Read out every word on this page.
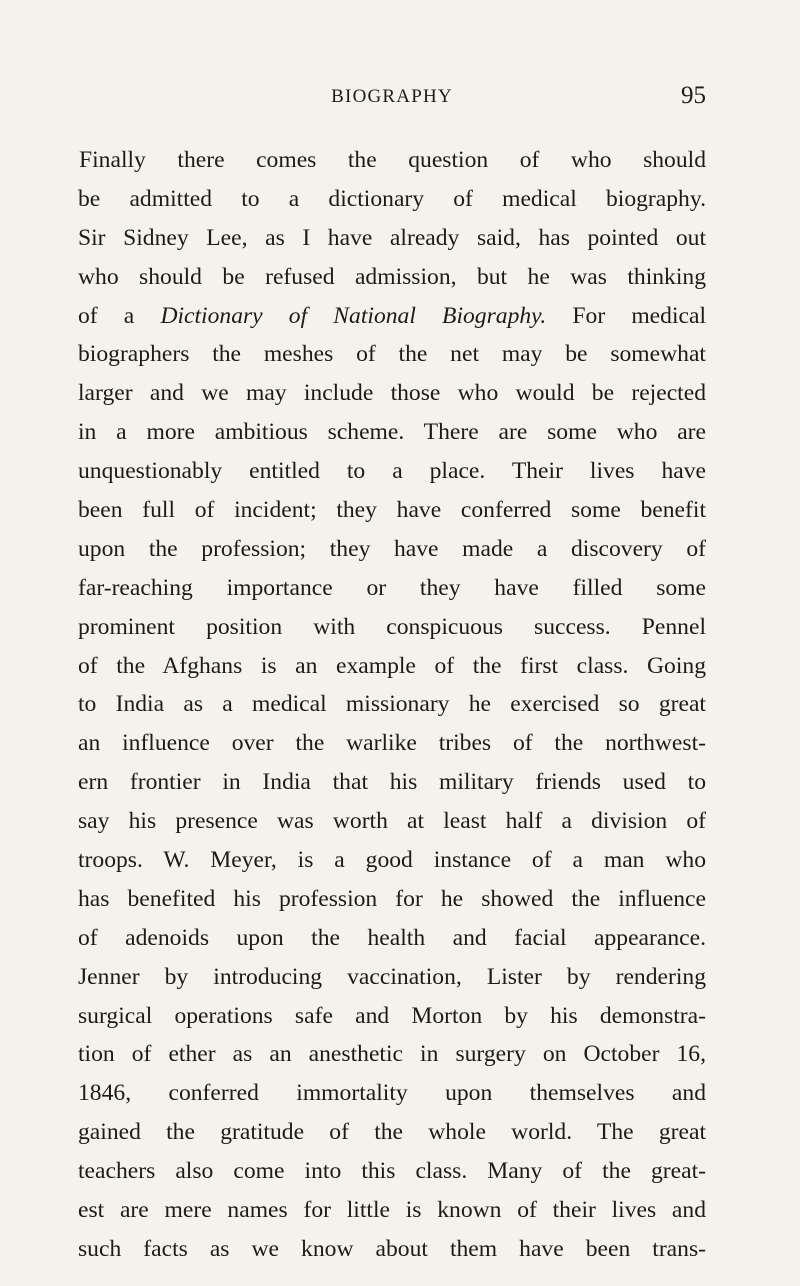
BIOGRAPHY	95
Finally there comes the question of who should
be admitted to a dictionary of medical biography.
Sir Sidney Lee, as I have already said, has pointed out
who should be refused admission, but he was thinking
of a Dictionary of National Biography. For medical
biographers the meshes of the net may be somewhat
larger and we may include those who would be rejected
in a more ambitious scheme. There are some who are
unquestionably entitled to a place. Their lives have
been full of incident; they have conferred some benefit
upon the profession; they have made a discovery of
far-reaching importance or they have filled some
prominent position with conspicuous success. Pennel
of the Afghans is an example of the first class. Going
to India as a medical missionary he exercised so great
an influence over the warlike tribes of the northwest-
ern frontier in India that his military friends used to
say his presence was worth at least half a division of
troops. W. Meyer, is a good instance of a man who
has benefited his profession for he showed the influence
of adenoids upon the health and facial appearance.
Jenner by introducing vaccination, Lister by rendering
surgical operations safe and Morton by his demonstra-
tion of ether as an anesthetic in surgery on October 16,
1846, conferred immortality upon themselves and
gained the gratitude of the whole world. The great
teachers also come into this class. Many of the great-
est are mere names for little is known of their lives and
such facts as we know about them have been trans-
